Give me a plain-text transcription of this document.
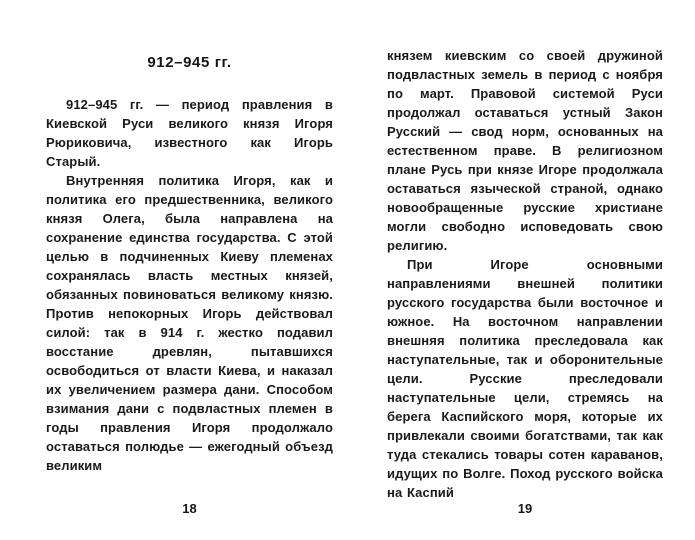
912–945 гг.

912–945 гг. — период правления в Киевской Руси великого князя Игоря Рюриковича, известного как Игорь Старый.

Внутренняя политика Игоря, как и политика его предшественника, великого князя Олега, была направлена на сохранение единства государства. С этой целью в подчиненных Киеву племенах сохранялась власть местных князей, обязанных повиноваться великому князю. Против непокорных Игорь действовал силой: так в 914 г. жестко подавил восстание древлян, пытавшихся освободиться от власти Киева, и наказал их увеличением размера дани. Способом взимания дани с подвластных племен в годы правления Игоря продолжало оставаться полюдье — ежегодный объезд великим

18

князем киевским со своей дружиной подвластных земель в период с ноября по март. Правовой системой Руси продолжал оставаться устный Закон Русский — свод норм, основанных на естественном праве. В религиозном плане Русь при князе Игоре продолжала оставаться языческой страной, однако новообращенные русские христиане могли свободно исповедовать свою религию.

При Игоре основными направлениями внешней политики русского государства были восточное и южное. На восточном направлении внешняя политика преследовала как наступательные, так и оборонительные цели. Русские преследовали наступательные цели, стремясь на берега Каспийского моря, которые их привлекали своими богатствами, так как туда стекались товары сотен караванов, идущих по Волге. Поход русского войска на Каспий

19
